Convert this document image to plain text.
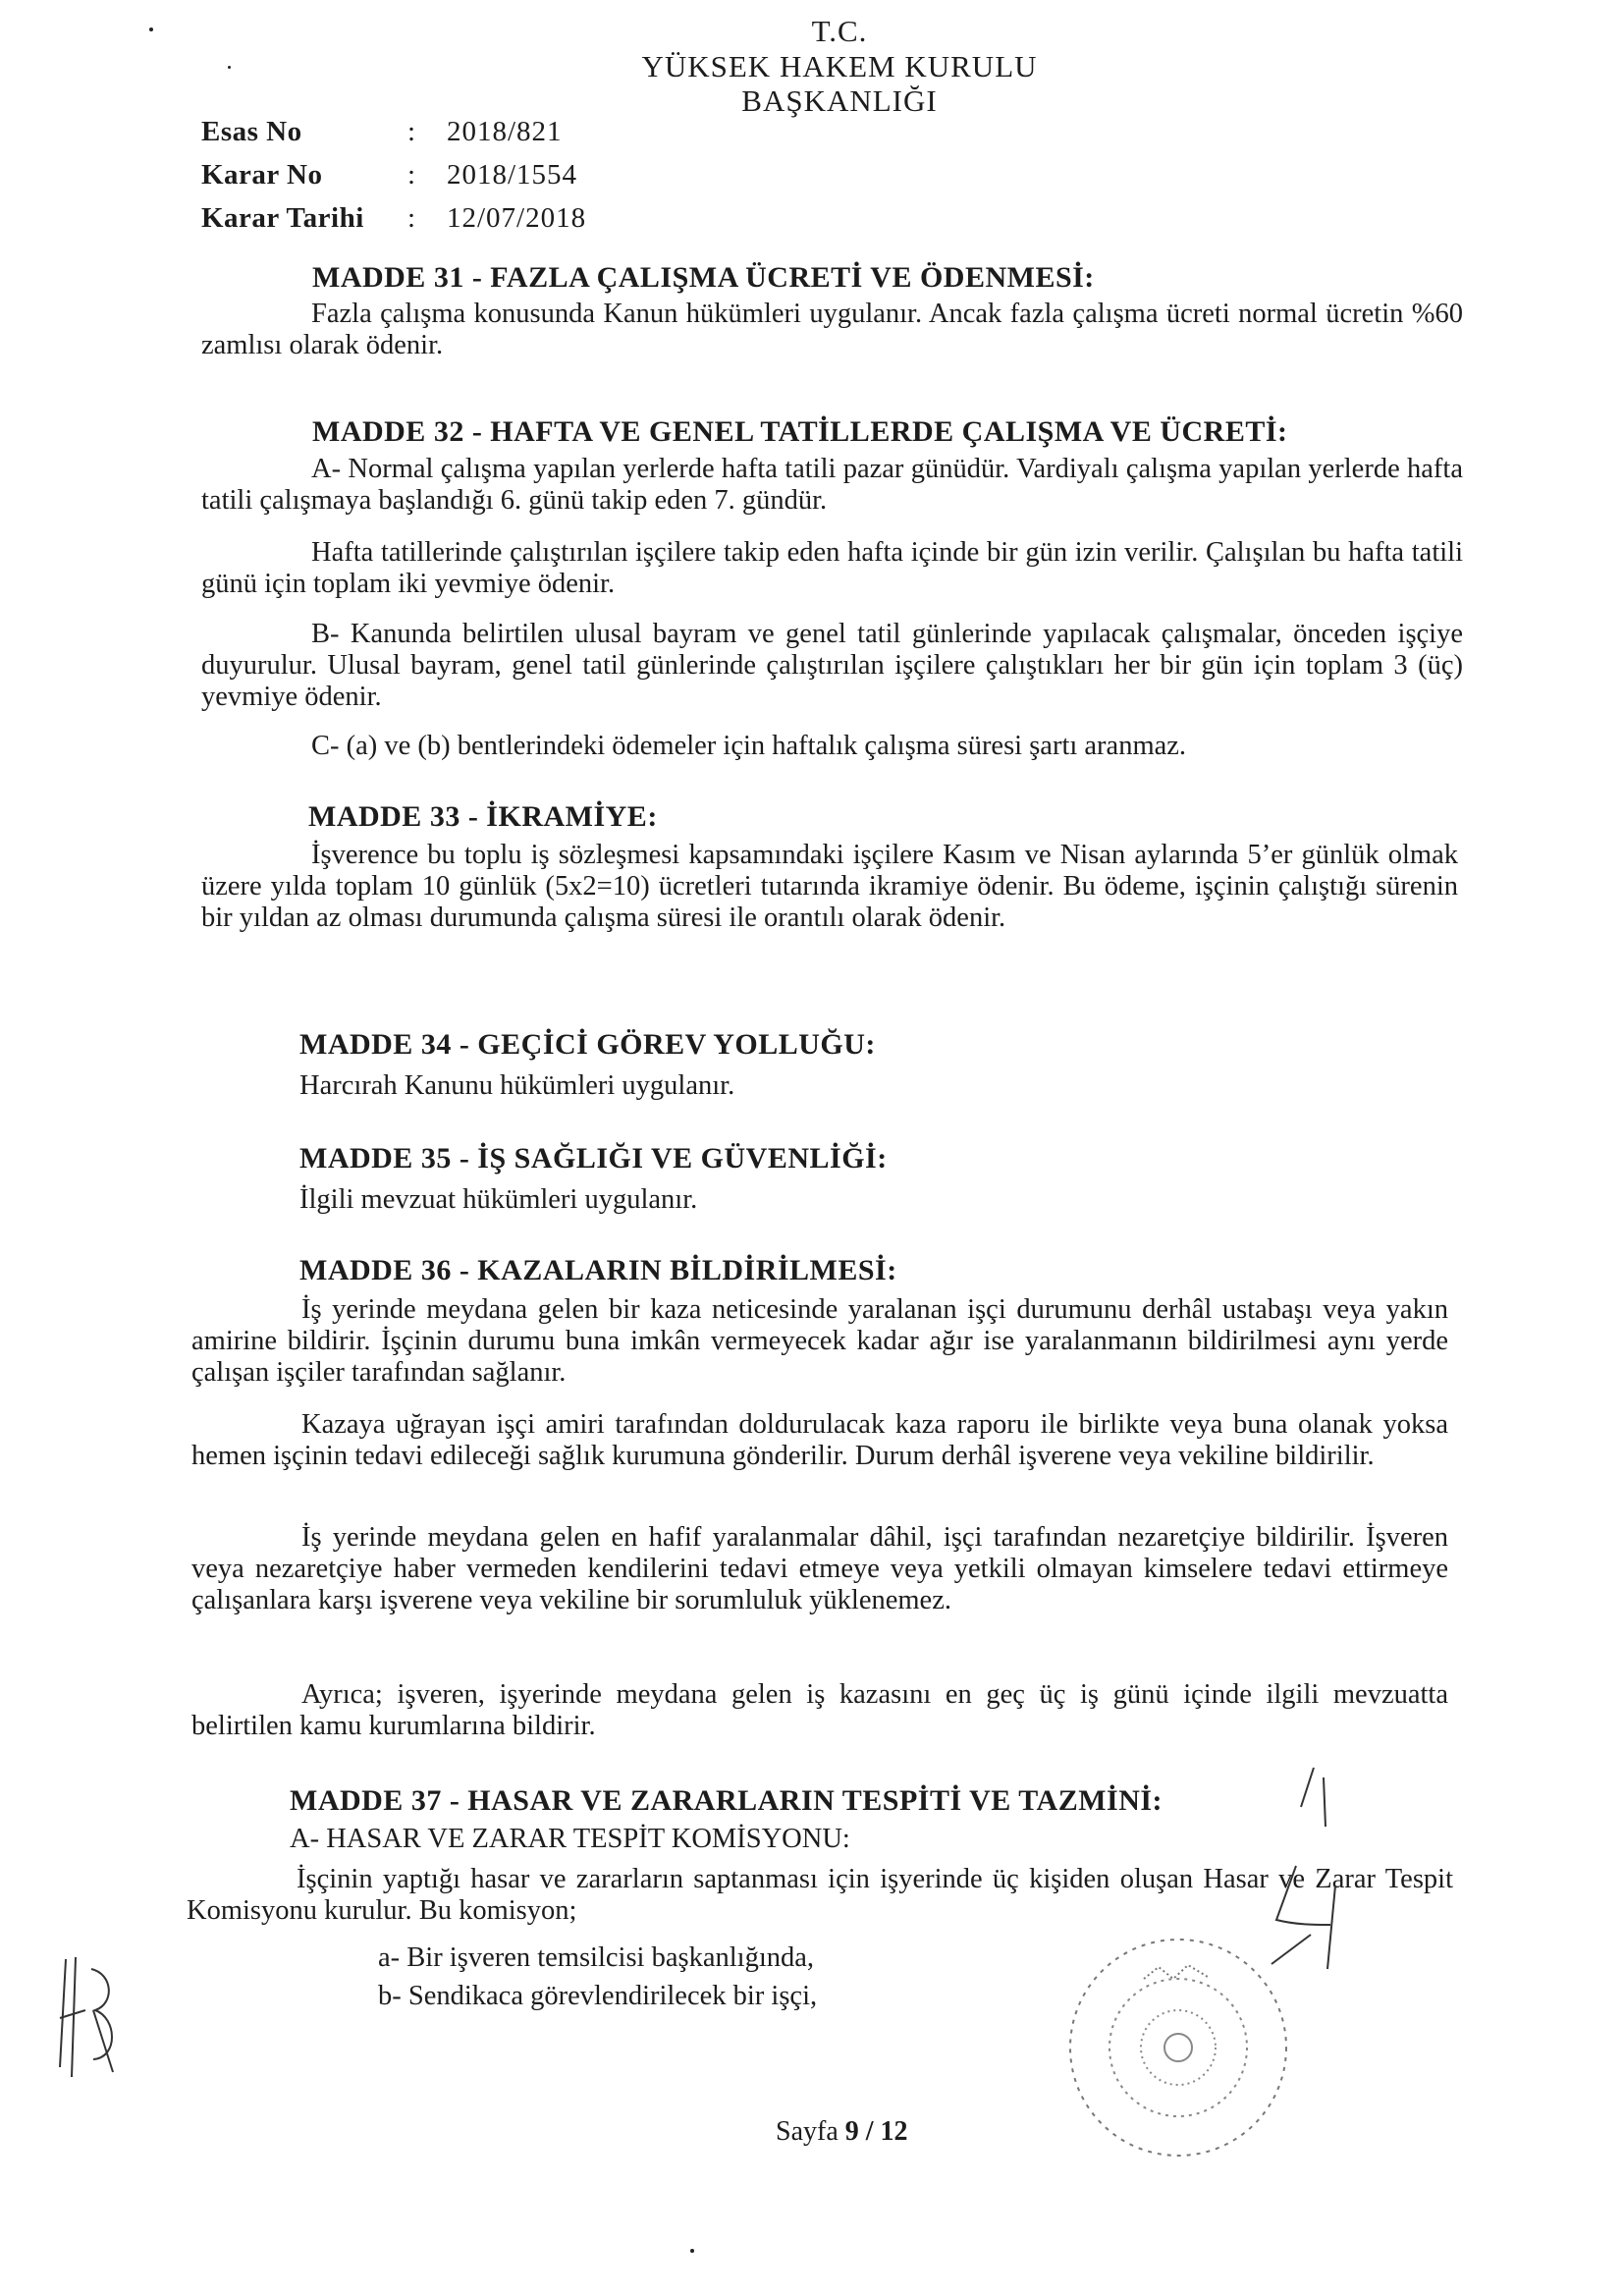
T.C.
YÜKSEK HAKEM KURULU
BAŞKANLIĞI
Esas No	:	2018/821
Karar No	:	2018/1554
Karar Tarihi	:	12/07/2018
MADDE 31 - FAZLA ÇALIŞMA ÜCRETİ VE ÖDENMESİ:
Fazla çalışma konusunda Kanun hükümleri uygulanır. Ancak fazla çalışma ücreti normal ücretin %60 zamlısı olarak ödenir.
MADDE 32 - HAFTA VE GENEL TATİLLERDE ÇALIŞMA VE ÜCRETİ:
A- Normal çalışma yapılan yerlerde hafta tatili pazar günüdür. Vardiyalı çalışma yapılan yerlerde hafta tatili çalışmaya başlandığı 6. günü takip eden 7. gündür.
Hafta tatillerinde çalıştırılan işçilere takip eden hafta içinde bir gün izin verilir. Çalışılan bu hafta tatili günü için toplam iki yevmiye ödenir.
B- Kanunda belirtilen ulusal bayram ve genel tatil günlerinde yapılacak çalışmalar, önceden işçiye duyurulur. Ulusal bayram, genel tatil günlerinde çalıştırılan işçilere çalıştıkları her bir gün için toplam 3 (üç) yevmiye ödenir.
C- (a) ve (b) bentlerindeki ödemeler için haftalık çalışma süresi şartı aranmaz.
MADDE 33 - İKRAMİYE:
İşverence bu toplu iş sözleşmesi kapsamındaki işçilere Kasım ve Nisan aylarında 5’er günlük olmak üzere yılda toplam 10 günlük (5x2=10) ücretleri tutarında ikramiye ödenir. Bu ödeme, işçinin çalıştığı sürenin bir yıldan az olması durumunda çalışma süresi ile orantılı olarak ödenir.
MADDE 34 - GEÇİCİ GÖREV YOLLUĞU:
Harcırah Kanunu hükümleri uygulanır.
MADDE 35 - İŞ SAĞLIĞI VE GÜVENLİĞİ:
İlgili mevzuat hükümleri uygulanır.
MADDE 36 - KAZALARIN BİLDİRİLMESİ:
İş yerinde meydana gelen bir kaza neticesinde yaralanan işçi durumunu derhâl ustabaşı veya yakın amirine bildirir. İşçinin durumu buna imkân vermeyecek kadar ağır ise yaralanmanın bildirilmesi aynı yerde çalışan işçiler tarafından sağlanır.
Kazaya uğrayan işçi amiri tarafından doldurulacak kaza raporu ile birlikte veya buna olanak yoksa hemen işçinin tedavi edileceği sağlık kurumuna gönderilir. Durum derhâl işverene veya vekiline bildirilir.
İş yerinde meydana gelen en hafif yaralanmalar dâhil, işçi tarafından nezaretçiye bildirilir. İşveren veya nezaretçiye haber vermeden kendilerini tedavi etmeye veya yetkili olmayan kimselere tedavi ettirmeye çalışanlara karşı işverene veya vekiline bir sorumluluk yüklenemez.
Ayrıca; işveren, işyerinde meydana gelen iş kazasını en geç üç iş günü içinde ilgili mevzuatta belirtilen kamu kurumlarına bildirir.
MADDE 37 - HASAR VE ZARARLARIN TESPİTİ VE TAZMİNİ:
A- HASAR VE ZARAR TESPİT KOMİSYONU:
İşçinin yaptığı hasar ve zararların saptanması için işyerinde üç kişiden oluşan Hasar ve Zarar Tespit Komisyonu kurulur. Bu komisyon;
a- Bir işveren temsilcisi başkanlığında,
b- Sendikaca görevlendirilecek bir işçi,
Sayfa 9 / 12
